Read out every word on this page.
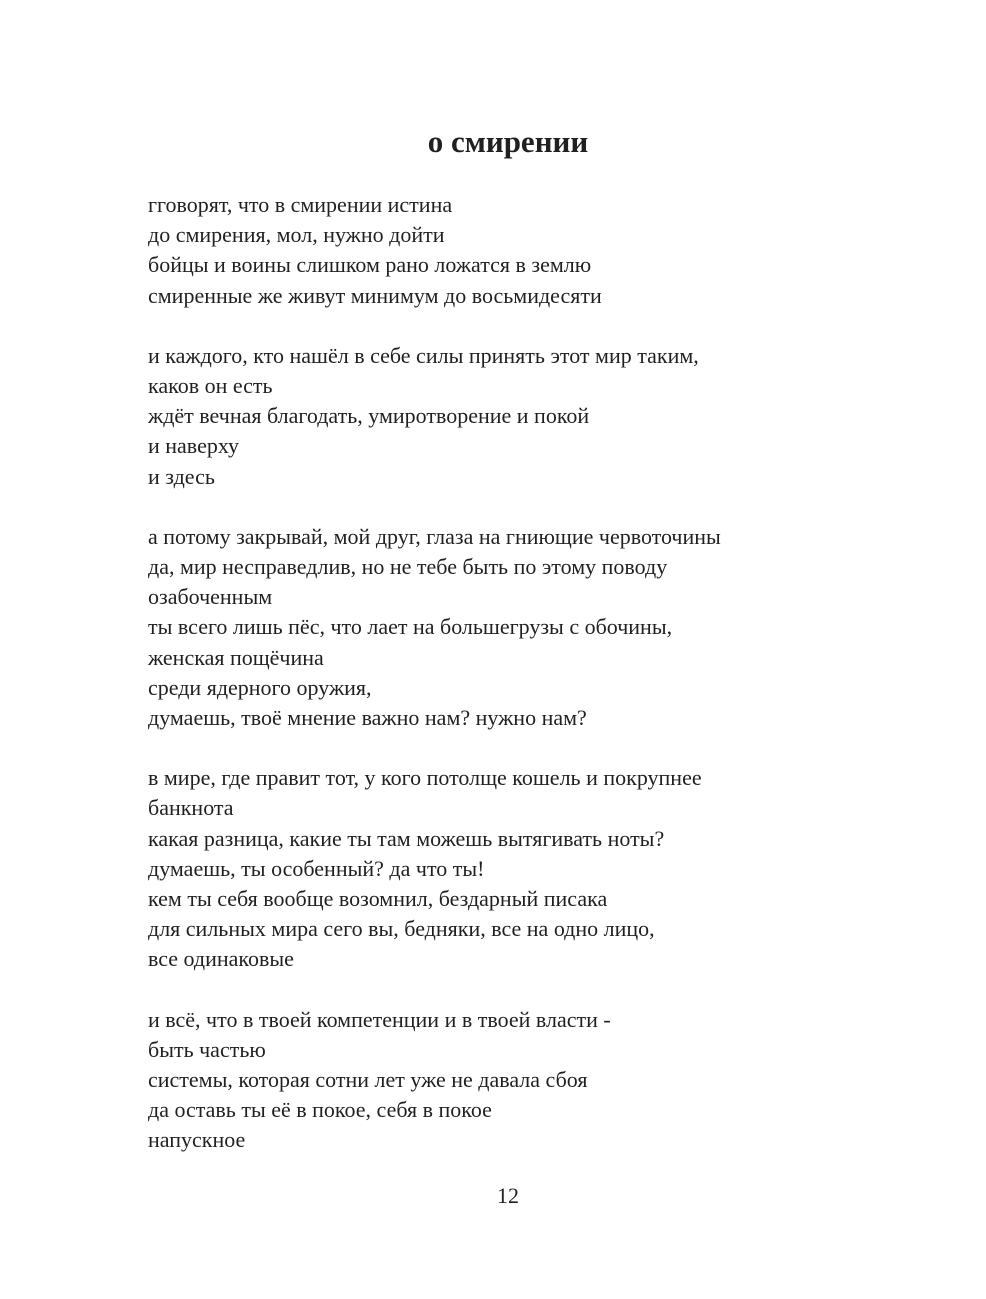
о смирении
гговорят, что в смирении истина
до смирения, мол, нужно дойти
бойцы и воины слишком рано ложатся в землю
смиренные же живут минимум до восьмидесяти
и каждого, кто нашёл в себе силы принять этот мир таким,
каков он есть
ждёт вечная благодать, умиротворение и покой
и наверху
и здесь
а потому закрывай, мой друг, глаза на гниющие червоточины
да, мир несправедлив, но не тебе быть по этому поводу
озабоченным
ты всего лишь пёс, что лает на большегрузы с обочины,
женская пощёчина
среди ядерного оружия,
думаешь, твоё мнение важно нам? нужно нам?
в мире, где правит тот, у кого потолще кошель и покрупнее
банкнота
какая разница, какие ты там можешь вытягивать ноты?
думаешь, ты особенный? да что ты!
кем ты себя вообще возомнил, бездарный писака
для сильных мира сего вы, бедняки, все на одно лицо,
все одинаковые
и всё, что в твоей компетенции и в твоей власти -
быть частью
системы, которая сотни лет уже не давала сбоя
да оставь ты её в покое, себя в покое
напускное
12
